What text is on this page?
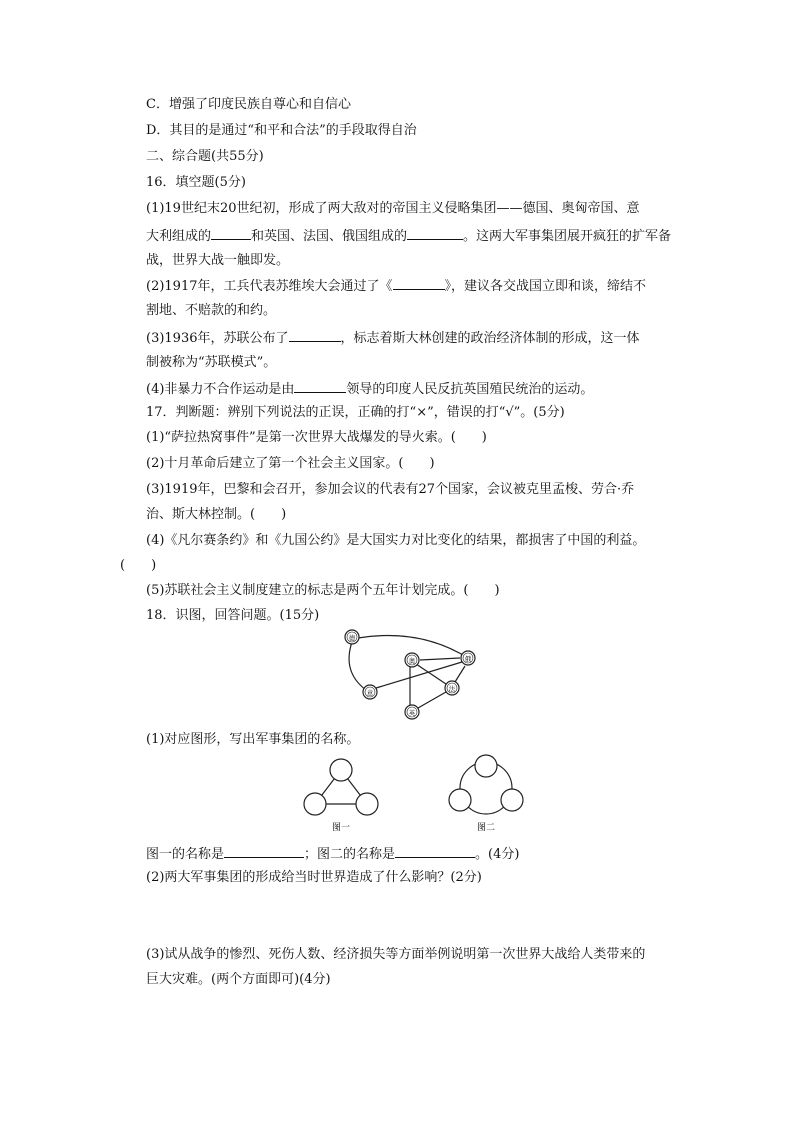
C．增强了印度民族自尊心和自信心
D．其目的是通过“和平和合法”的手段取得自治
二、综合题(共55分)
16．填空题(5分)
(1)19世纪末20世纪初，形成了两大敌对的帝国主义侵略集团——德国、奥匈帝国、意
大利组成的	和英国、法国、俄国组成的	。这两大军事集团展开疯狂的扩军备
战，世界大战一触即发。
(2)1917年，工兵代表苏维埃大会通过了《	》，建议各交战国立即和谈，缔结不
割地、不赔款的和约。
(3)1936年，苏联公布了	，标志着斯大林创建的政治经济体制的形成，这一体
制被称为“苏联模式”。
(4)非暴力不合作运动是由	领导的印度人民反抗英国殖民统治的运动。
17．判断题：辨别下列说法的正误，正确的打“×”，错误的打“√”。(5分)
(1)“萨拉热窝事件”是第一次世界大战爆发的导火索。(　　)
(2)十月革命后建立了第一个社会主义国家。(　　)
(3)1919年，巴黎和会召开，参加会议的代表有27个国家，会议被克里孟梭、劳合·乔
治、斯大林控制。(　　)
(4)《凡尔赛条约》和《九国公约》是大国实力对比变化的结果，都损害了中国的利益。
(　　)
(5)苏联社会主义制度建立的标志是两个五年计划完成。(　　)
18．识图，回答问题。(15分)
德
奥	俄
意	法
英
(1)对应图形，写出军事集团的名称。
图一	图二
图一的名称是	；图二的名称是	。(4分)
(2)两大军事集团的形成给当时世界造成了什么影响？(2分)
(3)试从战争的惨烈、死伤人数、经济损失等方面举例说明第一次世界大战给人类带来的
巨大灾难。(两个方面即可)(4分)
